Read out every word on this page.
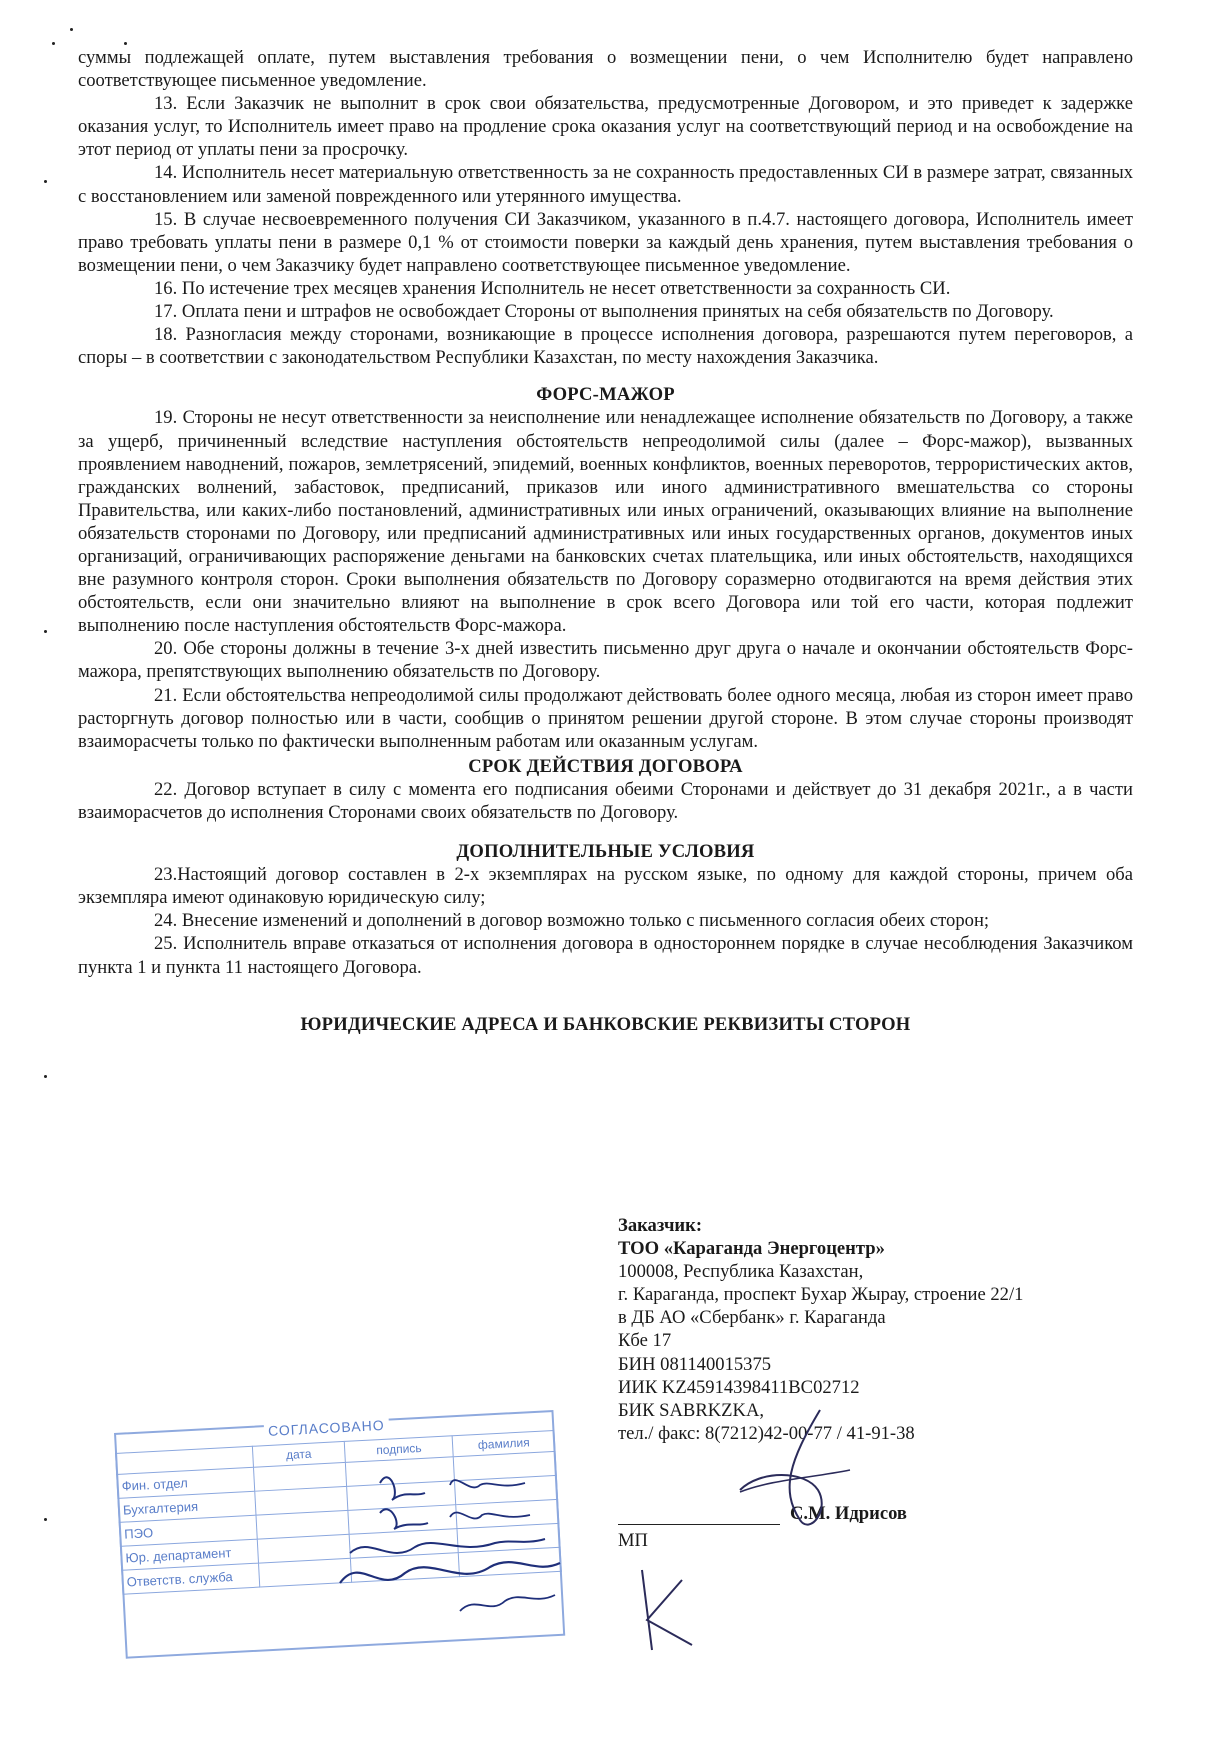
суммы подлежащей оплате, путем выставления требования о возмещении пени, о чем Исполнителю будет направлено соответствующее письменное уведомление.

13. Если Заказчик не выполнит в срок свои обязательства, предусмотренные Договором, и это приведет к задержке оказания услуг, то Исполнитель имеет право на продление срока оказания услуг на соответствующий период и на освобождение на этот период от уплаты пени за просрочку.

14. Исполнитель несет материальную ответственность за не сохранность предоставленных СИ в размере затрат, связанных с восстановлением или заменой поврежденного или утерянного имущества.

15. В случае несвоевременного получения СИ Заказчиком, указанного в п.4.7. настоящего договора, Исполнитель имеет право требовать уплаты пени в размере 0,1 % от стоимости поверки за каждый день хранения, путем выставления требования о возмещении пени, о чем Заказчику будет направлено соответствующее письменное уведомление.

16. По истечение трех месяцев хранения Исполнитель не несет ответственности за сохранность СИ.

17. Оплата пени и штрафов не освобождает Стороны от выполнения принятых на себя обязательств по Договору.

18. Разногласия между сторонами, возникающие в процессе исполнения договора, разрешаются путем переговоров, а споры – в соответствии с законодательством Республики Казахстан, по месту нахождения Заказчика.

ФОРС-МАЖОР

19. Стороны не несут ответственности за неисполнение или ненадлежащее исполнение обязательств по Договору, а также за ущерб, причиненный вследствие наступления обстоятельств непреодолимой силы (далее – Форс-мажор), вызванных проявлением наводнений, пожаров, землетрясений, эпидемий, военных конфликтов, военных переворотов, террористических актов, гражданских волнений, забастовок, предписаний, приказов или иного административного вмешательства со стороны Правительства, или каких-либо постановлений, административных или иных ограничений, оказывающих влияние на выполнение обязательств сторонами по Договору, или предписаний административных или иных государственных органов, документов иных организаций, ограничивающих распоряжение деньгами на банковских счетах плательщика, или иных обстоятельств, находящихся вне разумного контроля сторон. Сроки выполнения обязательств по Договору соразмерно отодвигаются на время действия этих обстоятельств, если они значительно влияют на выполнение в срок всего Договора или той его части, которая подлежит выполнению после наступления обстоятельств Форс-мажора.

20. Обе стороны должны в течение 3-х дней известить письменно друг друга о начале и окончании обстоятельств Форс-мажора, препятствующих выполнению обязательств по Договору.

21. Если обстоятельства непреодолимой силы продолжают действовать более одного месяца, любая из сторон имеет право расторгнуть договор полностью или в части, сообщив о принятом решении другой стороне. В этом случае стороны производят взаиморасчеты только по фактически выполненным работам или оказанным услугам.

СРОК ДЕЙСТВИЯ ДОГОВОРА

22. Договор вступает в силу с момента его подписания обеими Сторонами и действует до 31 декабря 2021г., а в части взаиморасчетов до исполнения Сторонами своих обязательств по Договору.

ДОПОЛНИТЕЛЬНЫЕ УСЛОВИЯ

23.Настоящий договор составлен в 2-х экземплярах на русском языке, по одному для каждой стороны, причем оба экземпляра имеют одинаковую юридическую силу;

24. Внесение изменений и дополнений в договор возможно только с письменного согласия обеих сторон;

25. Исполнитель вправе отказаться от исполнения договора в одностороннем порядке в случае несоблюдения Заказчиком пункта 1 и пункта 11 настоящего Договора.

ЮРИДИЧЕСКИЕ АДРЕСА И БАНКОВСКИЕ РЕКВИЗИТЫ СТОРОН
Заказчик:
ТОО «Караганда Энергоцентр»
100008, Республика Казахстан,
г. Караганда, проспект Бухар Жырау, строение 22/1
в ДБ АО «Сбербанк» г. Караганда
Кбе 17
БИН 081140015375
ИИК KZ45914398411BC02712
БИК SABRKZKA,
тел./ факс: 8(7212)42-00-77 / 41-91-38
С.М. Идрисов
МП
СОГЛАСОВАНО
	дата	подпись	фамилия
Фин. отдел			
Бухгалтерия			
ПЭО			
Юр. департамент			
Ответств. служба			
